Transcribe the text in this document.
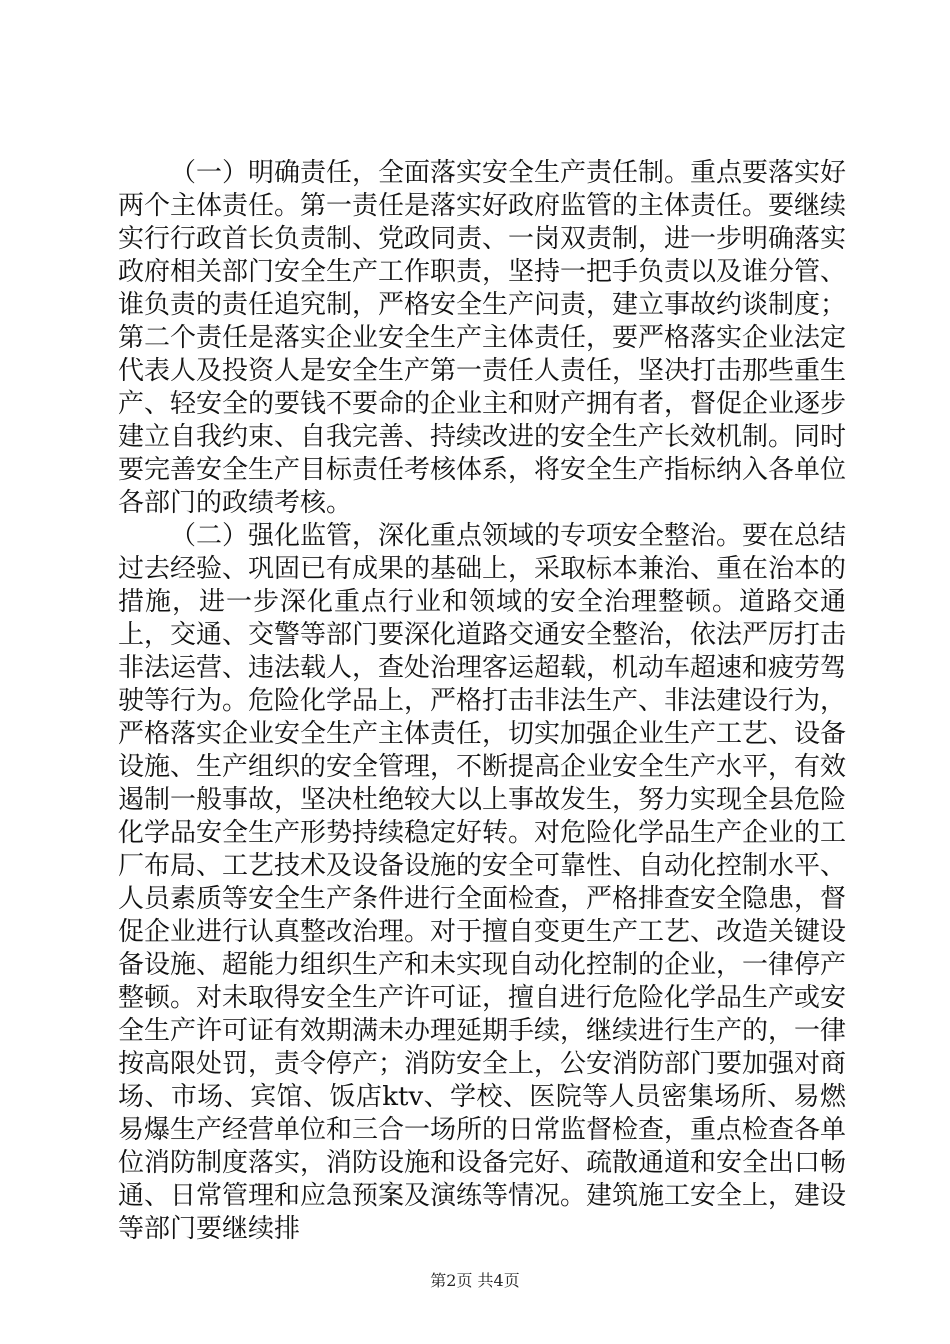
（一）明确责任，全面落实安全生产责任制。重点要落实好两个主体责任。第一责任是落实好政府监管的主体责任。要继续实行行政首长负责制、党政同责、一岗双责制，进一步明确落实政府相关部门安全生产工作职责，坚持一把手负责以及谁分管、谁负责的责任追究制，严格安全生产问责，建立事故约谈制度；第二个责任是落实企业安全生产主体责任，要严格落实企业法定代表人及投资人是安全生产第一责任人责任，坚决打击那些重生产、轻安全的要钱不要命的企业主和财产拥有者，督促企业逐步建立自我约束、自我完善、持续改进的安全生产长效机制。同时要完善安全生产目标责任考核体系，将安全生产指标纳入各单位各部门的政绩考核。

（二）强化监管，深化重点领域的专项安全整治。要在总结过去经验、巩固已有成果的基础上，采取标本兼治、重在治本的措施，进一步深化重点行业和领域的安全治理整顿。道路交通上，交通、交警等部门要深化道路交通安全整治，依法严厉打击非法运营、违法载人，查处治理客运超载，机动车超速和疲劳驾驶等行为。危险化学品上，严格打击非法生产、非法建设行为，严格落实企业安全生产主体责任，切实加强企业生产工艺、设备设施、生产组织的安全管理，不断提高企业安全生产水平，有效遏制一般事故，坚决杜绝较大以上事故发生，努力实现全县危险化学品安全生产形势持续稳定好转。对危险化学品生产企业的工厂布局、工艺技术及设备设施的安全可靠性、自动化控制水平、人员素质等安全生产条件进行全面检查，严格排查安全隐患，督促企业进行认真整改治理。对于擅自变更生产工艺、改造关键设备设施、超能力组织生产和未实现自动化控制的企业，一律停产整顿。对未取得安全生产许可证，擅自进行危险化学品生产或安全生产许可证有效期满未办理延期手续，继续进行生产的，一律按高限处罚，责令停产；消防安全上，公安消防部门要加强对商场、市场、宾馆、饭店ktv、学校、医院等人员密集场所、易燃易爆生产经营单位和三合一场所的日常监督检查，重点检查各单位消防制度落实，消防设施和设备完好、疏散通道和安全出口畅通、日常管理和应急预案及演练等情况。建筑施工安全上，建设等部门要继续排

第2页 共4页
